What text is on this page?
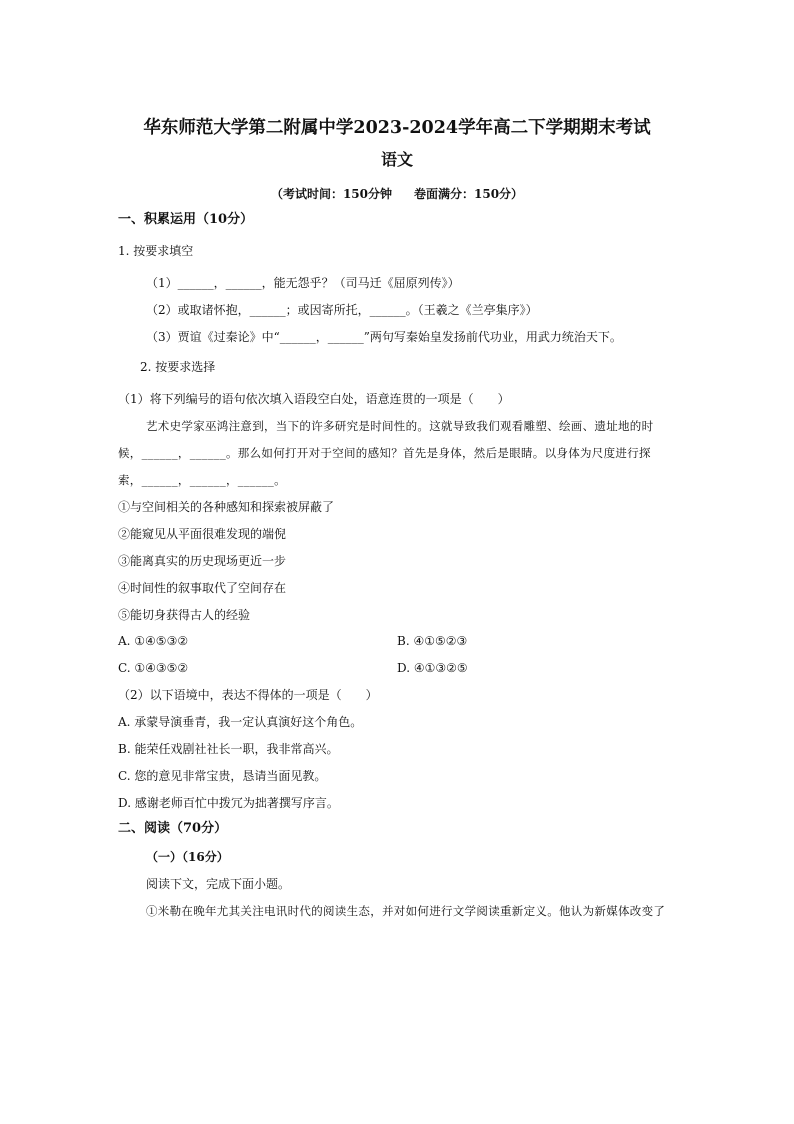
华东师范大学第二附属中学2023-2024学年高二下学期期末考试
语文
（考试时间：150分钟 卷面满分：150分）
一、积累运用（10分）
1. 按要求填空
（1）______，______，能无怨乎？（司马迁《屈原列传》）
（2）或取诸怀抱，______；或因寄所托，______。（王羲之《兰亭集序》）
（3）贾谊《过秦论》中“______，______”两句写秦始皇发扬前代功业，用武力统治天下。
2. 按要求选择
（1）将下列编号的语句依次填入语段空白处，语意连贯的一项是（　　）
艺术史学家巫鸿注意到，当下的许多研究是时间性的。这就导致我们观看雕塑、绘画、遗址地的时
候，______，______。那么如何打开对于空间的感知？首先是身体，然后是眼睛。以身体为尺度进行探
索，______，______，______。
①与空间相关的各种感知和探索被屏蔽了
②能窥见从平面很难发现的端倪
③能离真实的历史现场更近一步
④时间性的叙事取代了空间存在
⑤能切身获得古人的经验
A. ①④⑤③②	B. ④①⑤②③
C. ①④③⑤②	D. ④①③②⑤
（2）以下语境中，表达不得体的一项是（　　）
A. 承蒙导演垂青，我一定认真演好这个角色。
B. 能荣任戏剧社社长一职，我非常高兴。
C. 您的意见非常宝贵，恳请当面见教。
D. 感谢老师百忙中拨冗为拙著撰写序言。
二、阅读（70分）
（一）（16分）
阅读下文，完成下面小题。
①米勒在晚年尤其关注电讯时代的阅读生态，并对如何进行文学阅读重新定义。他认为新媒体改变了
